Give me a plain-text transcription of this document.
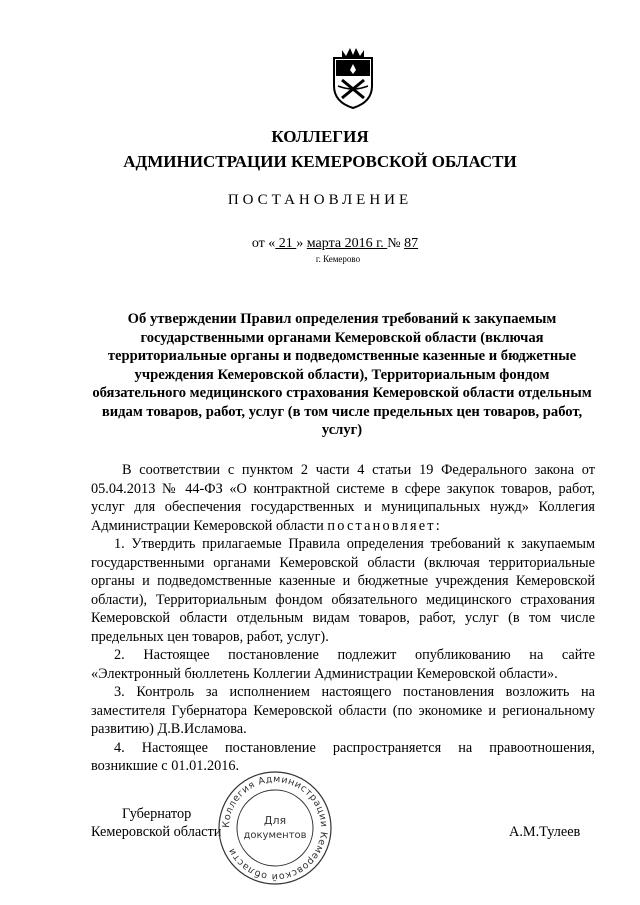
КОЛЛЕГИЯ
АДМИНИСТРАЦИИ КЕМЕРОВСКОЙ ОБЛАСТИ
ПОСТАНОВЛЕНИЕ
от « 21 » марта 2016 г. № 87
г. Кемерово

Об утверждении Правил определения требований к закупаемым государственными органами Кемеровской области (включая территориальные органы и подведомственные казенные и бюджетные учреждения Кемеровской области), Территориальным фондом обязательного медицинского страхования Кемеровской области отдельным видам товаров, работ, услуг (в том числе предельных цен товаров, работ, услуг)

В соответствии с пунктом 2 части 4 статьи 19 Федерального закона от 05.04.2013 № 44-ФЗ «О контрактной системе в сфере закупок товаров, работ, услуг для обеспечения государственных и муниципальных нужд» Коллегия Администрации Кемеровской области постановляет:

1. Утвердить прилагаемые Правила определения требований к закупаемым государственными органами Кемеровской области (включая территориальные органы и подведомственные казенные и бюджетные учреждения Кемеровской области), Территориальным фондом обязательного медицинского страхования Кемеровской области отдельным видам товаров, работ, услуг (в том числе предельных цен товаров, работ, услуг).

2. Настоящее постановление подлежит опубликованию на сайте «Электронный бюллетень Коллегии Администрации Кемеровской области».

3. Контроль за исполнением настоящего постановления возложить на заместителя Губернатора Кемеровской области (по экономике и региональному развитию) Д.В.Исламова.

4. Настоящее постановление распространяется на правоотношения, возникшие с 01.01.2016.

Губернатор
Кемеровской области	А.М.Тулеев
Коллегия Администрации Кемеровской области
Для
документов
